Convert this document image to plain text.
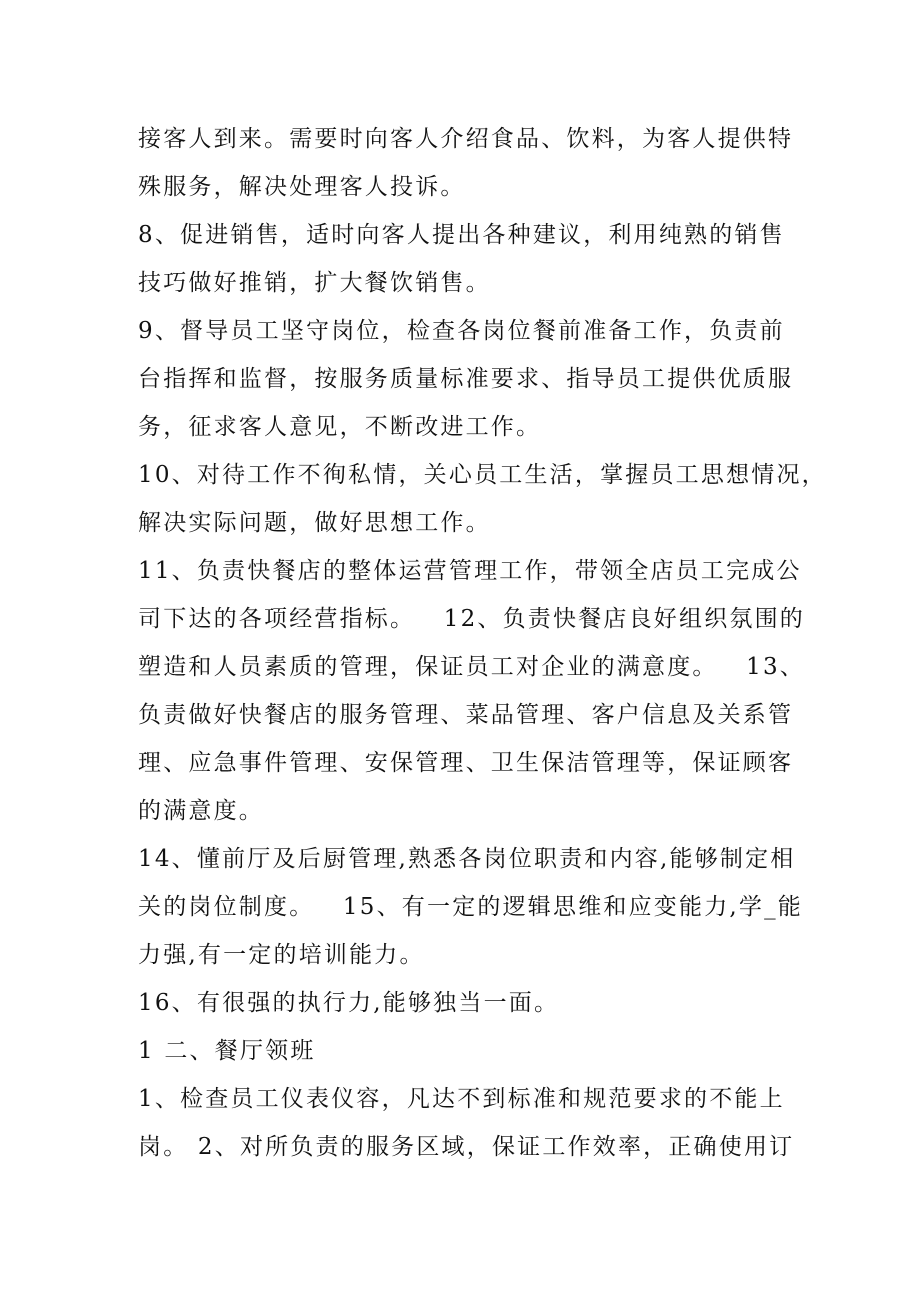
接客人到来。需要时向客人介绍食品、饮料，为客人提供特

殊服务，解决处理客人投诉。

8、促进销售，适时向客人提出各种建议，利用纯熟的销售

技巧做好推销，扩大餐饮销售。

9、督导员工坚守岗位，检查各岗位餐前准备工作，负责前

台指挥和监督，按服务质量标准要求、指导员工提供优质服

务，征求客人意见，不断改进工作。

10、对待工作不徇私情，关心员工生活，掌握员工思想情况，

解决实际问题，做好思想工作。

11、负责快餐店的整体运营管理工作，带领全店员工完成公

司下达的各项经营指标。   12、负责快餐店良好组织氛围的

塑造和人员素质的管理，保证员工对企业的满意度。   13、

负责做好快餐店的服务管理、菜品管理、客户信息及关系管

理、应急事件管理、安保管理、卫生保洁管理等，保证顾客

的满意度。

14、懂前厅及后厨管理,熟悉各岗位职责和内容,能够制定相

关的岗位制度。   15、有一定的逻辑思维和应变能力,学_能

力强,有一定的培训能力。

16、有很强的执行力,能够独当一面。

1 二、餐厅领班

1、检查员工仪表仪容，凡达不到标准和规范要求的不能上

岗。 2、对所负责的服务区域，保证工作效率，正确使用订
